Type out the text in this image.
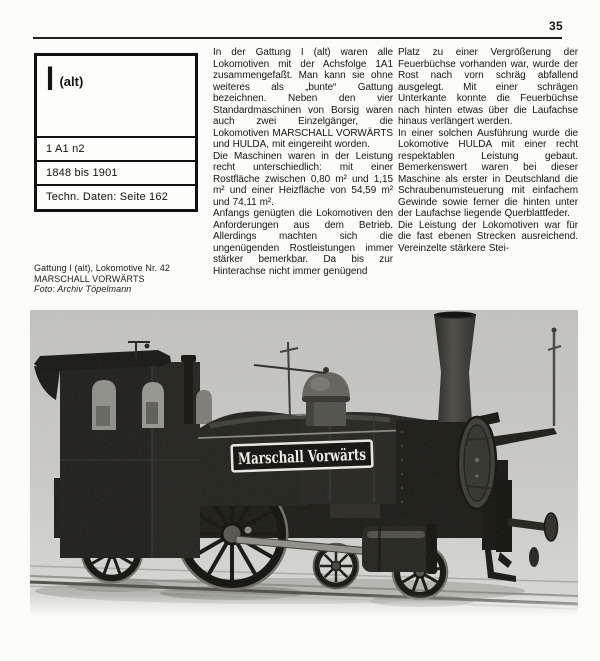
35
I $^{(alt)}$
1 A1 n2
1848 bis 1901
Techn. Daten: Seite 162
Gattung I (alt), Lokomotive Nr. 42
MARSCHALL VORWÄRTS
Foto: Archiv Töpelmann

In der Gattung I (alt) waren alle Lokomotiven mit der Achsfolge 1A1 zusammengefaßt. Man kann sie ohne weiteres als „bunte“ Gattung bezeichnen. Neben den vier Standardmaschinen von Borsig waren auch zwei Einzelgänger, die Lokomotiven MARSCHALL VORWÄRTS und HULDA, mit eingereiht worden.

Die Maschinen waren in der Leistung recht unterschiedlich: mit einer Rostfläche zwischen 0,80 m² und 1,15 m² und einer Heizfläche von 54,59 m² und 74,11 m².

Anfangs genügten die Lokomotiven den Anforderungen aus dem Betrieb. Allerdings machten sich die ungenügenden Rostleistungen immer stärker bemerkbar. Da bis zur Hinterachse nicht immer genügend

Platz zu einer Vergrößerung der Feuerbüchse vorhanden war, wurde der Rost nach vorn schräg abfallend ausgelegt. Mit einer schrägen Unterkante konnte die Feuerbüchse nach hinten etwas über die Laufachse hinaus verlängert werden.

In einer solchen Ausführung wurde die Lokomotive HULDA mit einer recht respektablen Leistung gebaut. Bemerkenswert waren bei dieser Maschine als erster in Deutschland die Schraubenumsteuerung mit einfachem Gewinde sowie ferner die hinten unter der Laufachse liegende Querblattfeder.

Die Leistung der Lokomotiven war für die fast ebenen Strecken ausreichend. Vereinzelte stärkere Stei-

Marschall Vorwärts
